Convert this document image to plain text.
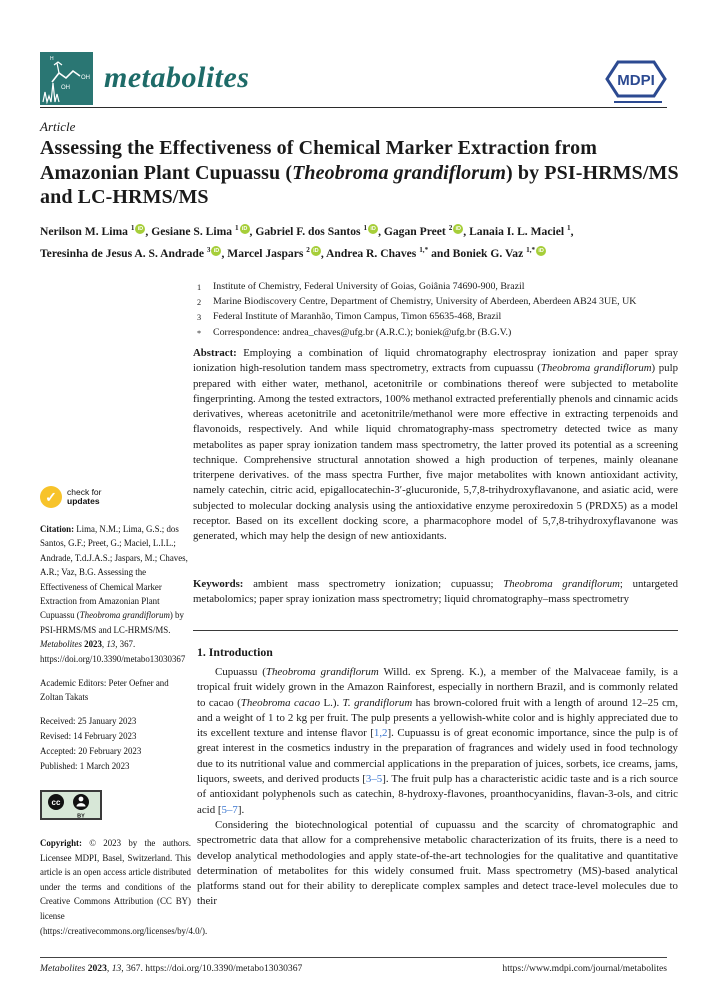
H
OH
OH metabolites	MDPI
Article
Assessing the Effectiveness of Chemical Marker Extraction from Amazonian Plant Cupuassu (Theobroma grandiflorum) by PSI-HRMS/MS and LC-HRMS/MS
Nerilson M. Lima $^1$ iD , Gesiane S. Lima $^1$ iD , Gabriel F. dos Santos $^1$ iD , Gagan Preet $^2$ iD , Lanaia I. L. Maciel $^1$,
Teresinha de Jesus A. S. Andrade $^3$ iD , Marcel Jaspars $^2$ iD , Andrea R. Chaves $^{1,*}$ and Boniek G. Vaz $^{1,*}$ iD
1	Institute of Chemistry, Federal University of Goias, Goiânia 74690-900, Brazil
2	Marine Biodiscovery Centre, Department of Chemistry, University of Aberdeen, Aberdeen AB24 3UE, UK
3	Federal Institute of Maranhão, Timon Campus, Timon 65635-468, Brazil
*	Correspondence: andrea_chaves@ufg.br (A.R.C.); boniek@ufg.br (B.G.V.)
Abstract: Employing a combination of liquid chromatography electrospray ionization and paper spray ionization high-resolution tandem mass spectrometry, extracts from cupuassu (Theobroma grandiflorum) pulp prepared with either water, methanol, acetonitrile or combinations thereof were subjected to metabolite fingerprinting. Among the tested extractors, 100% methanol extracted preferentially phenols and cinnamic acids derivatives, whereas acetonitrile and acetonitrile/methanol were more effective in extracting terpenoids and flavonoids, respectively. And while liquid chromatography-mass spectrometry detected twice as many metabolites as paper spray ionization tandem mass spectrometry, the latter proved its potential as a screening technique. Comprehensive structural annotation showed a high production of terpenes, mainly oleanane triterpene derivatives. of the mass spectra Further, five major metabolites with known antioxidant activity, namely catechin, citric acid, epigallocatechin-3′-glucuronide, 5,7,8-trihydroxyflavanone, and asiatic acid, were subjected to molecular docking analysis using the antioxidative enzyme peroxiredoxin 5 (PRDX5) as a model receptor. Based on its excellent docking score, a pharmacophore model of 5,7,8-trihydroxyflavanone was generated, which may help the design of new antioxidants.
Keywords: ambient mass spectrometry ionization; cupuassu; Theobroma grandiflorum; untargeted metabolomics; paper spray ionization mass spectrometry; liquid chromatography–mass spectrometry
✓	check for
updates
Citation: Lima, N.M.; Lima, G.S.; dos Santos, G.F.; Preet, G.; Maciel, L.I.L.; Andrade, T.d.J.A.S.; Jaspars, M.; Chaves, A.R.; Vaz, B.G. Assessing the Effectiveness of Chemical Marker Extraction from Amazonian Plant Cupuassu (Theobroma grandiflorum) by PSI-HRMS/MS and LC-HRMS/MS. Metabolites 2023, 13, 367. https://doi.org/10.3390/metabo13030367
Academic Editors: Peter Oefner and Zoltan Takats
Received: 25 January 2023
Revised: 14 February 2023
Accepted: 20 February 2023
Published: 1 March 2023
cc
BY
Copyright: © 2023 by the authors. Licensee MDPI, Basel, Switzerland. This article is an open access article distributed under the terms and conditions of the Creative Commons Attribution (CC BY) license (https://creativecommons.org/licenses/by/4.0/).
1. Introduction

Cupuassu (Theobroma grandiflorum Willd. ex Spreng. K.), a member of the Malvaceae family, is a tropical fruit widely grown in the Amazon Rainforest, especially in northern Brazil, and is commonly related to cacao (Theobroma cacao L.). T. grandiflorum has brown-colored fruit with a length of around 12–25 cm, and a weight of 1 to 2 kg per fruit. The pulp presents a yellowish-white color and is highly appreciated due to its excellent texture and intense flavor [1,2]. Cupuassu is of great economic importance, since the pulp is of great interest in the cosmetics industry in the preparation of fragrances and widely used in food technology due to its nutritional value and commercial applications in the preparation of juices, sorbets, ice creams, jams, liquors, sweets, and derived products [3–5]. The fruit pulp has a characteristic acidic taste and is a rich source of antioxidant polyphenols such as catechin, 8-hydroxy-flavones, proanthocyanidins, flavan-3-ols, and citric acid [5–7].

Considering the biotechnological potential of cupuassu and the scarcity of chromatographic and spectrometric data that allow for a comprehensive metabolic characterization of its fruits, there is a need to develop analytical methodologies and apply state-of-the-art technologies for the qualitative and quantitative determination of metabolites for this widely consumed fruit. Mass spectrometry (MS)-based analytical platforms stand out for their ability to dereplicate complex samples and detect trace-level molecules due to their

Metabolites 2023, 13, 367. https://doi.org/10.3390/metabo13030367	https://www.mdpi.com/journal/metabolites
